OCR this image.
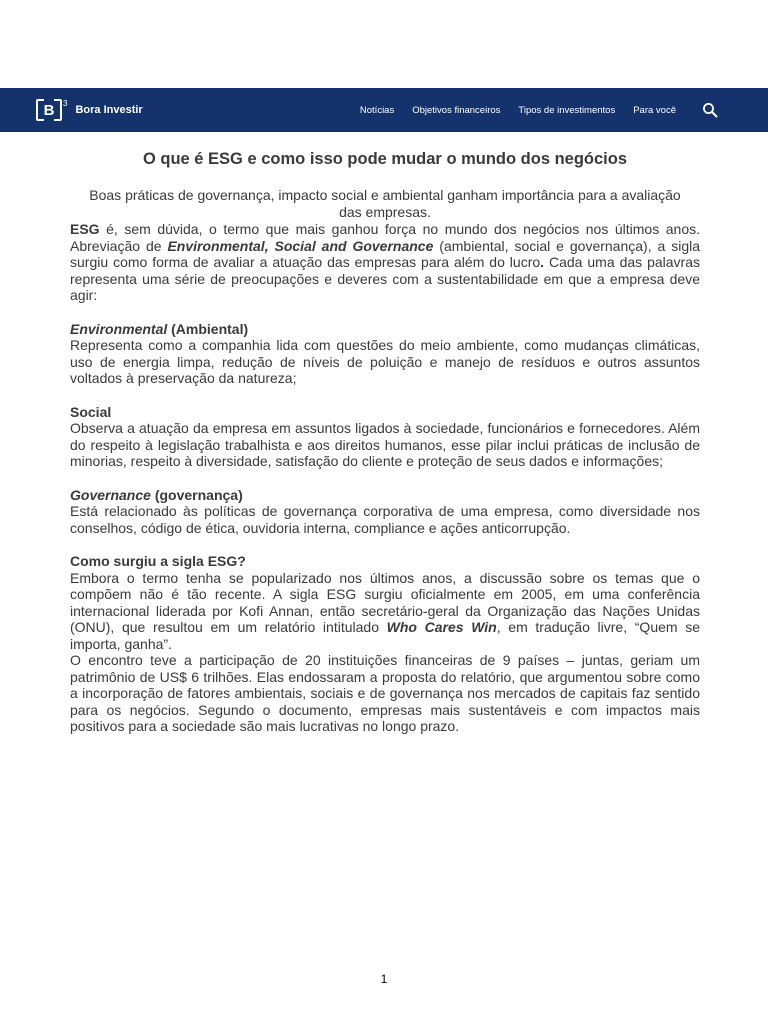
B 3
Bora Investir	Notícias Objetivos financeiros Tipos de investimentos Para você
O que é ESG e como isso pode mudar o mundo dos negócios

Boas práticas de governança, impacto social e ambiental ganham importância para a avaliação das empresas.

ESG é, sem dúvida, o termo que mais ganhou força no mundo dos negócios nos últimos anos. Abreviação de Environmental, Social and Governance (ambiental, social e governança), a sigla surgiu como forma de avaliar a atuação das empresas para além do lucro. Cada uma das palavras representa uma série de preocupações e deveres com a sustentabilidade em que a empresa deve agir:

Environmental (Ambiental)

Representa como a companhia lida com questões do meio ambiente, como mudanças climáticas, uso de energia limpa, redução de níveis de poluição e manejo de resíduos e outros assuntos voltados à preservação da natureza;

Social

Observa a atuação da empresa em assuntos ligados à sociedade, funcionários e fornecedores. Além do respeito à legislação trabalhista e aos direitos humanos, esse pilar inclui práticas de inclusão de minorias, respeito à diversidade, satisfação do cliente e proteção de seus dados e informações;

Governance (governança)

Está relacionado às políticas de governança corporativa de uma empresa, como diversidade nos conselhos, código de ética, ouvidoria interna, compliance e ações anticorrupção.

Como surgiu a sigla ESG?

Embora o termo tenha se popularizado nos últimos anos, a discussão sobre os temas que o compõem não é tão recente. A sigla ESG surgiu oficialmente em 2005, em uma conferência internacional liderada por Kofi Annan, então secretário-geral da Organização das Nações Unidas (ONU), que resultou em um relatório intitulado Who Cares Win, em tradução livre, “Quem se importa, ganha”.

O encontro teve a participação de 20 instituições financeiras de 9 países – juntas, geriam um patrimônio de US$ 6 trilhões. Elas endossaram a proposta do relatório, que argumentou sobre como a incorporação de fatores ambientais, sociais e de governança nos mercados de capitais faz sentido para os negócios. Segundo o documento, empresas mais sustentáveis e com impactos mais positivos para a sociedade são mais lucrativas no longo prazo.

1
